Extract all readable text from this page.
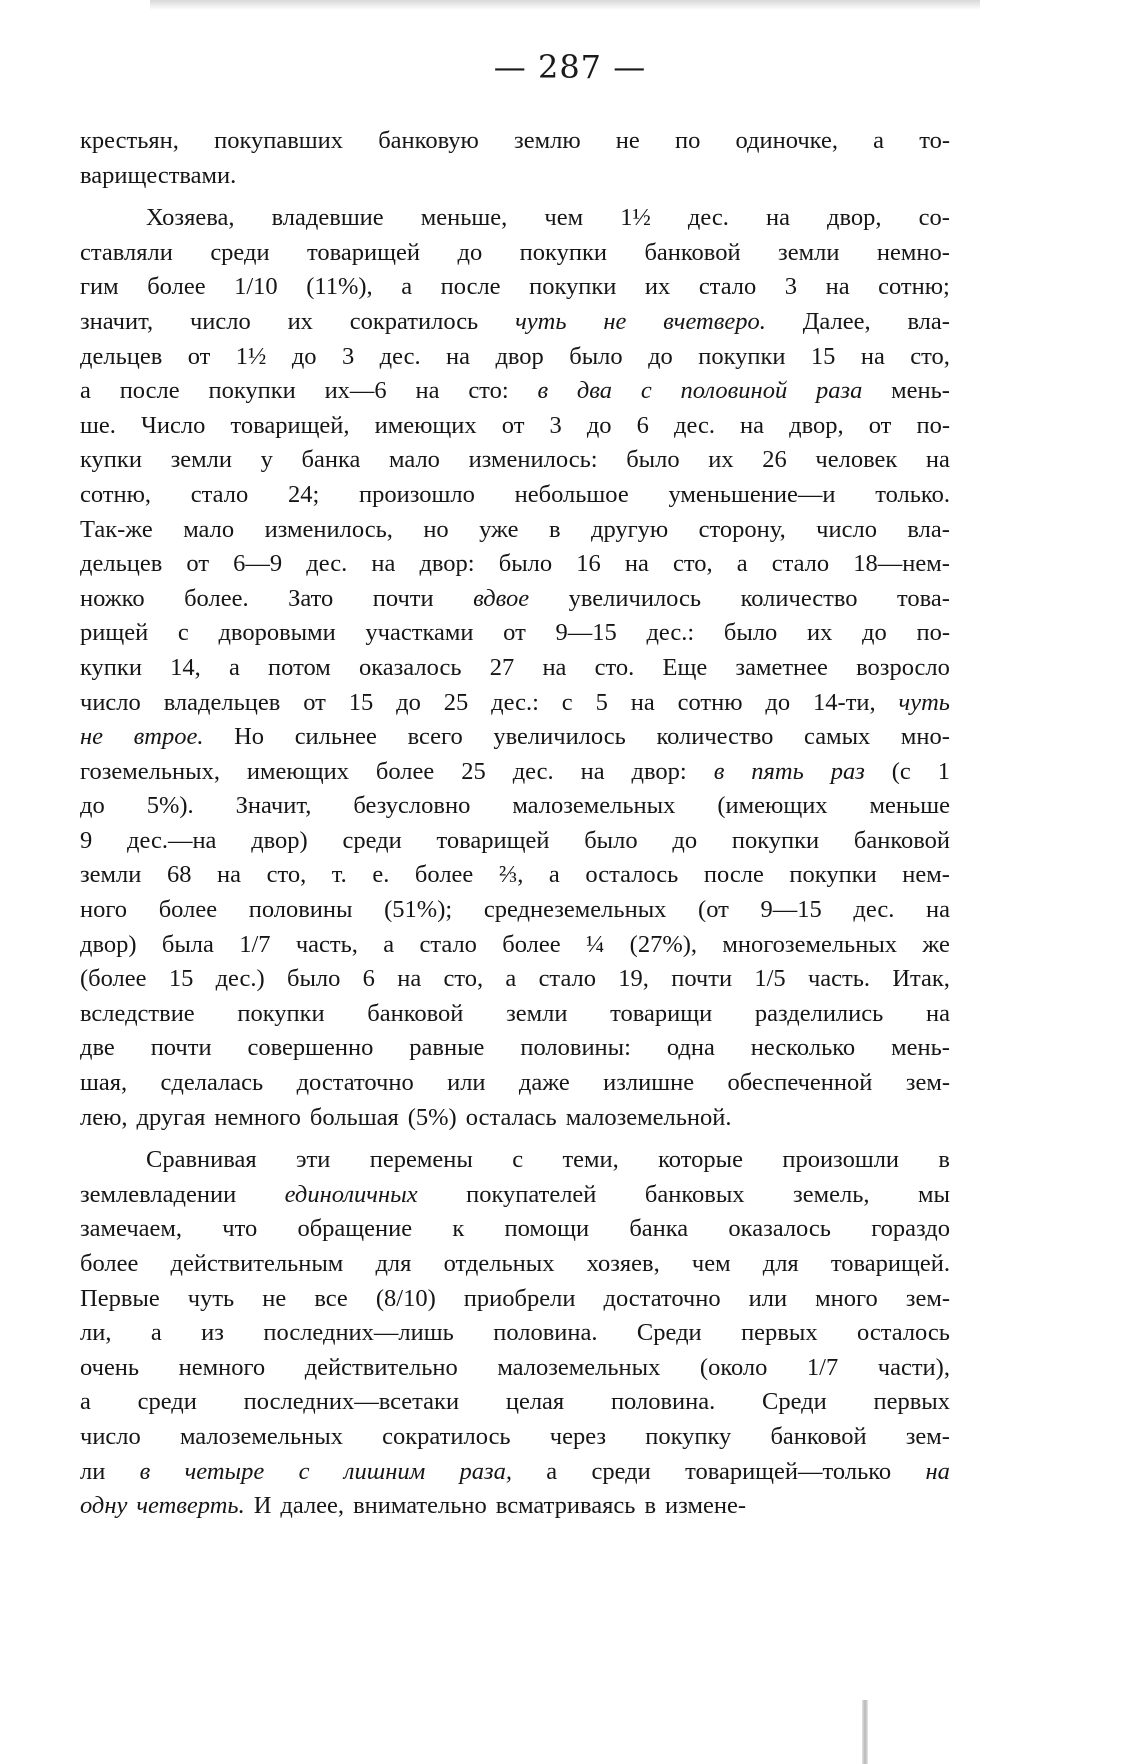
— 287 —
крестьян, покупавших банковую землю не по одиночке, а то-
вариществами.
Хозяева, владевшие меньше, чем 1½ дес. на двор, со-
ставляли среди товарищей до покупки банковой земли немно-
гим более 1/10 (11%), а после покупки их стало 3 на сотню;
значит, число их сократилось чуть не вчетверо. Далее, вла-
дельцев от 1½ до 3 дес. на двор было до покупки 15 на сто,
а после покупки их—6 на сто: в два с половиной раза мень-
ше. Число товарищей, имеющих от 3 до 6 дес. на двор, от по-
купки земли у банка мало изменилось: было их 26 человек на
сотню, стало 24; произошло небольшое уменьшение—и только.
Так-же мало изменилось, но уже в другую сторону, число вла-
дельцев от 6—9 дес. на двор: было 16 на сто, а стало 18—нем-
ножко более. Зато почти вдвое увеличилось количество това-
рищей с дворовыми участками от 9—15 дес.: было их до по-
купки 14, а потом оказалось 27 на сто. Еще заметнее возросло
число владельцев от 15 до 25 дес.: с 5 на сотню до 14-ти, чуть
не втрое. Но сильнее всего увеличилось количество самых мно-
гоземельных, имеющих более 25 дес. на двор: в пять раз (с 1
до 5%). Значит, безусловно малоземельных (имеющих меньше
9 дес.—на двор) среди товарищей было до покупки банковой
земли 68 на сто, т. е. более ⅔, а осталось после покупки нем-
ного более половины (51%); среднеземельных (от 9—15 дес. на
двор) была 1/7 часть, а стало более ¼ (27%), многоземельных же
(более 15 дес.) было 6 на сто, а стало 19, почти 1/5 часть. Итак,
вследствие покупки банковой земли товарищи разделились на
две почти совершенно равные половины: одна несколько мень-
шая, сделалась достаточно или даже излишне обеспеченной зем-
лею, другая немного большая (5%) осталась малоземельной.
Сравнивая эти перемены с теми, которые произошли в
землевладении единоличных покупателей банковых земель, мы
замечаем, что обращение к помощи банка оказалось гораздо
более действительным для отдельных хозяев, чем для товарищей.
Первые чуть не все (8/10) приобрели достаточно или много зем-
ли, а из последних—лишь половина. Среди первых осталось
очень немного действительно малоземельных (около 1/7 части),
а среди последних—всетаки целая половина. Среди первых
число малоземельных сократилось через покупку банковой зем-
ли в четыре с лишним раза, а среди товарищей—только на
одну четверть. И далее, внимательно всматриваясь в измене-
